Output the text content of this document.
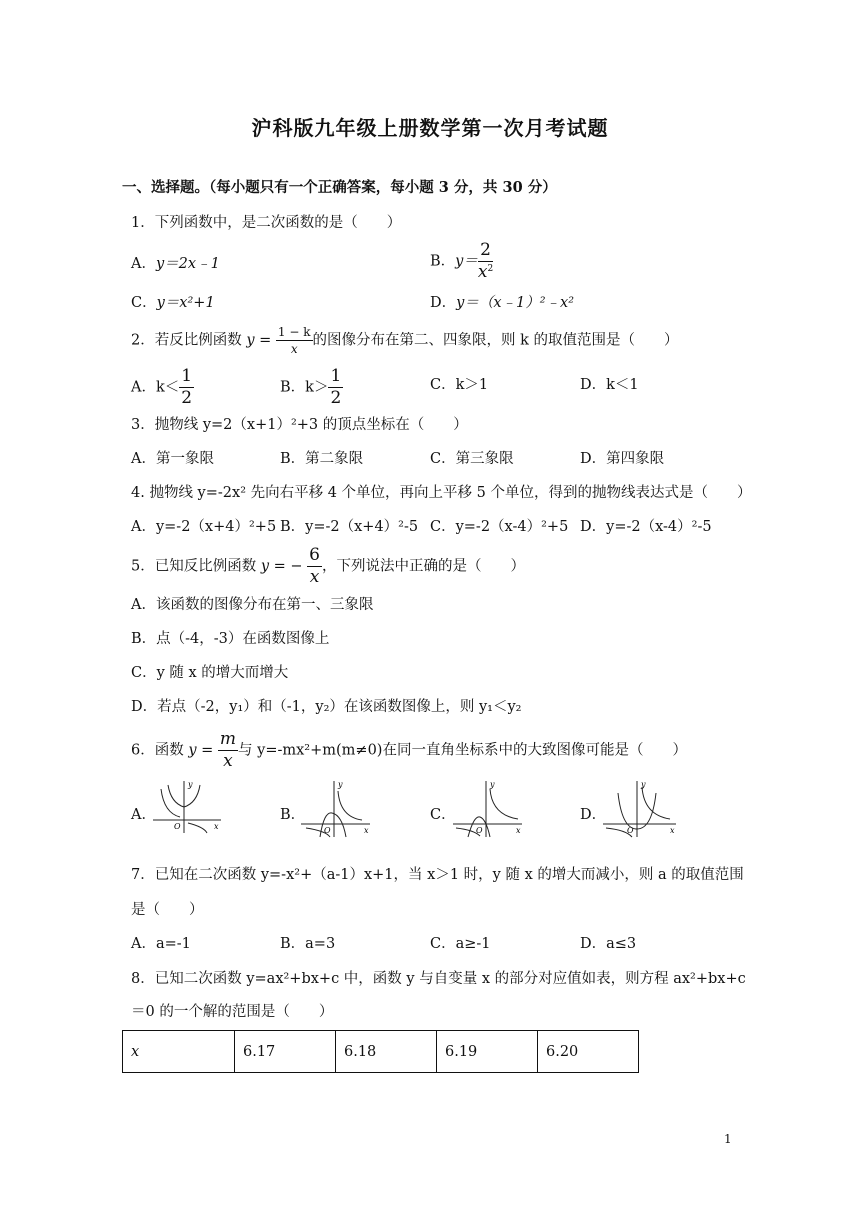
沪科版九年级上册数学第一次月考试题
一、选择题。（每小题只有一个正确答案，每小题 3 分，共 30 分）
1．下列函数中，是二次函数的是（　　）
A．y＝2x﹣1	B．$y= \frac{2}{x^2}$
C．y＝x²+1	D．y＝（x﹣1）²﹣x²
2．若反比例函数 $y = \frac{1 - k}{x}$ 的图像分布在第二、四象限，则 k 的取值范围是（　　）
A．$k< \frac{1}{2}$	B．$k> \frac{1}{2}$	C．k＞1	D．k＜1
3．抛物线 y=2（x+1）²+3 的顶点坐标在（　　）
A．第一象限	B．第二象限	C．第三象限	D．第四象限
4. 抛物线 y=-2x² 先向右平移 4 个单位，再向上平移 5 个单位，得到的抛物线表达式是（　　）
A．y=-2（x+4）²+5 B．y=-2（x+4）²-5 C．y=-2（x-4）²+5 D．y=-2（x-4）²-5
5．已知反比例函数 y = − $\frac{6}{x}$ ，下列说法中正确的是（　　）
A．该函数的图像分布在第一、三象限
B．点（-4，-3）在函数图像上
C．y 随 x 的增大而增大
D．若点（-2，y₁）和（-1，y₂）在该函数图像上，则 y₁＜y₂
6．函数 $y = \frac{m}{x}$ 与 y=-mx²+m(m≠0)在同一直角坐标系中的大致图像可能是（　　）
A．
y
x
O
B．
y
x
O
C．
y
x
O
D．
y
x
O
7．已知在二次函数 y=-x²+（a-1）x+1，当 x＞1 时，y 随 x 的增大而减小，则 a 的取值范围
是（　　）
A．a=-1	B．a=3	C．a≥-1	D．a≤3
8．已知二次函数 y=ax²+bx+c 中，函数 y 与自变量 x 的部分对应值如表，则方程 ax²+bx+c
＝0 的一个解的范围是（　　）
x	6.17	6.18	6.19	6.20
1
